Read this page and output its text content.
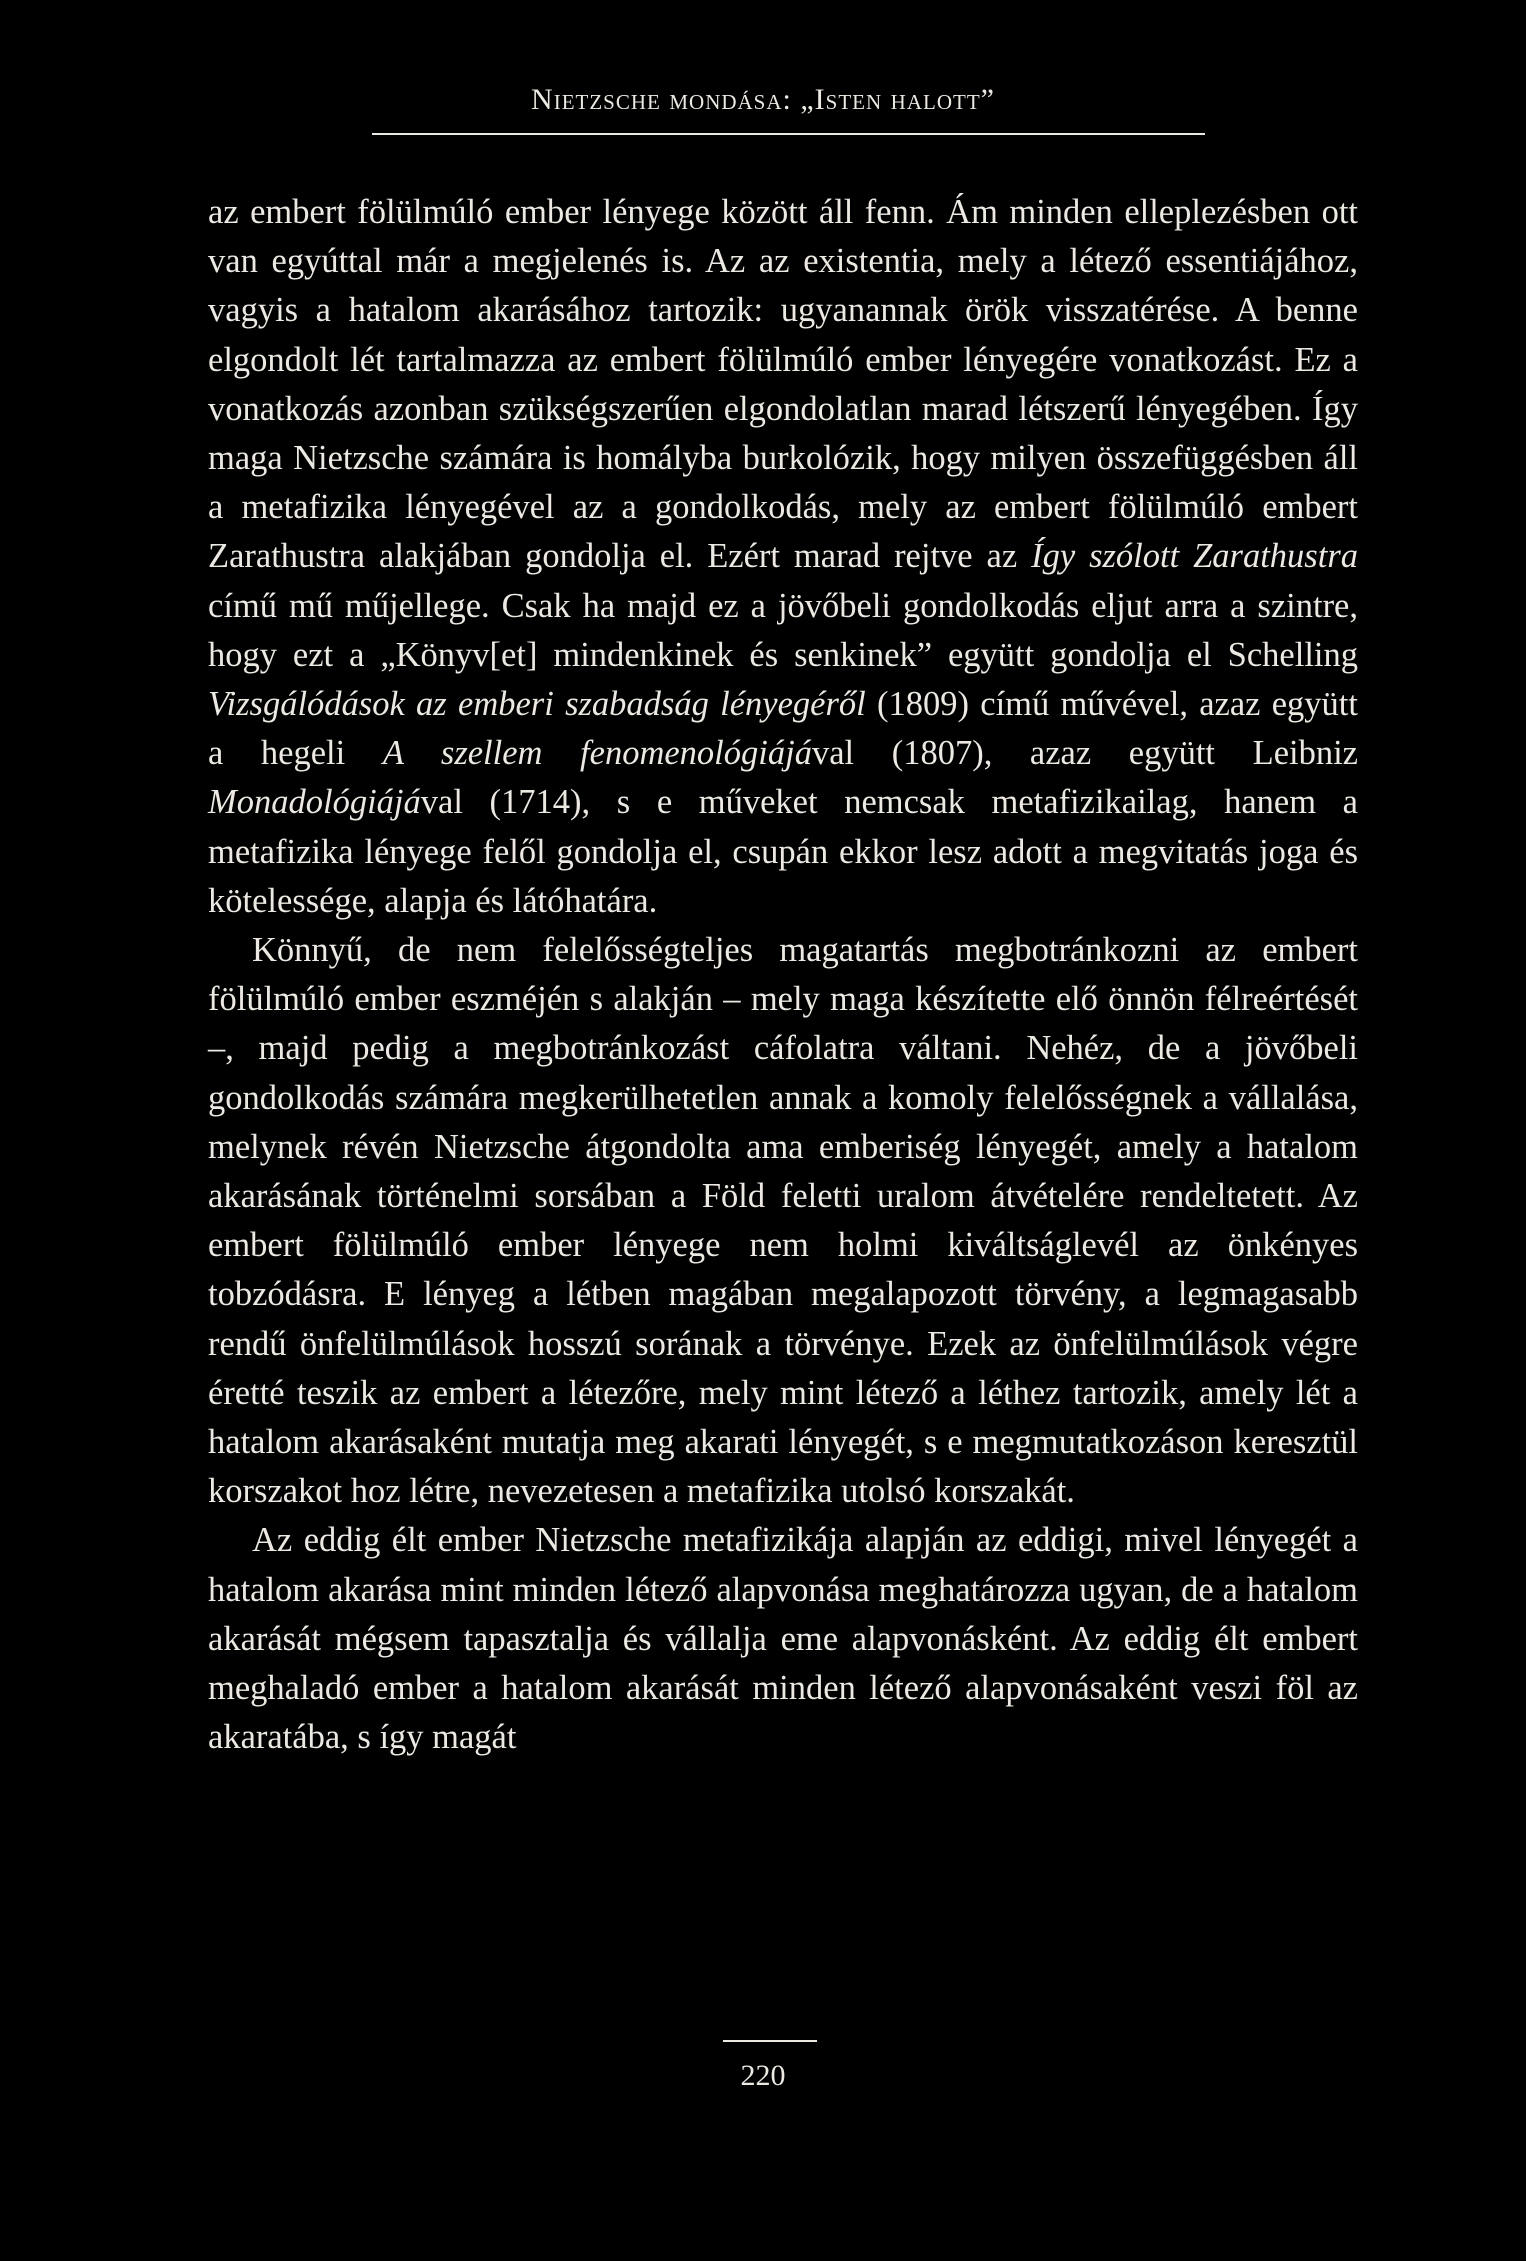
Nietzsche mondása: „Isten halott”

az embert fölülmúló ember lényege között áll fenn. Ám minden elleplezésben ott van egyúttal már a megjelenés is. Az az existentia, mely a létező essentiájához, vagyis a hatalom akarásához tartozik: ugyanannak örök visszatérése. A benne elgondolt lét tartalmazza az embert fölülmúló ember lényegére vonatkozást. Ez a vonatkozás azonban szükségszerűen elgondolatlan marad létszerű lényegében. Így maga Nietzsche számára is homályba burkolózik, hogy milyen összefüggésben áll a metafizika lényegével az a gondolkodás, mely az embert fölülmúló embert Zarathustra alakjában gondolja el. Ezért marad rejtve az Így szólott Zarathustra című mű műjellege. Csak ha majd ez a jövőbeli gondolkodás eljut arra a szintre, hogy ezt a „Könyv[et] mindenkinek és senkinek” együtt gondolja el Schelling Vizsgálódások az emberi szabadság lényegéről (1809) című művével, azaz együtt a hegeli A szellem fenomenológiájával (1807), azaz együtt Leibniz Monadológiájával (1714), s e műveket nemcsak metafizikailag, hanem a metafizika lényege felől gondolja el, csupán ekkor lesz adott a megvitatás joga és kötelessége, alapja és látóhatára.

Könnyű, de nem felelősségteljes magatartás megbotránkozni az embert fölülmúló ember eszméjén s alakján – mely maga készítette elő önnön félreértését –, majd pedig a megbotránkozást cáfolatra váltani. Nehéz, de a jövőbeli gondolkodás számára megkerülhetetlen annak a komoly felelősségnek a vállalása, melynek révén Nietzsche átgondolta ama emberiség lényegét, amely a hatalom akarásának történelmi sorsában a Föld feletti uralom átvételére rendeltetett. Az embert fölülmúló ember lényege nem holmi kiváltságlevél az önkényes tobzódásra. E lényeg a létben magában megalapozott törvény, a legmagasabb rendű önfelülmúlások hosszú sorának a törvénye. Ezek az önfelülmúlások végre éretté teszik az embert a létezőre, mely mint létező a léthez tartozik, amely lét a hatalom akarásaként mutatja meg akarati lényegét, s e megmutatkozáson keresztül korszakot hoz létre, nevezetesen a metafizika utolsó korszakát.

Az eddig élt ember Nietzsche metafizikája alapján az eddigi, mivel lényegét a hatalom akarása mint minden létező alapvonása meghatározza ugyan, de a hatalom akarását mégsem tapasztalja és vállalja eme alapvonásként. Az eddig élt embert meghaladó ember a hatalom akarását minden létező alapvonásaként veszi föl az akaratába, s így magát

220
